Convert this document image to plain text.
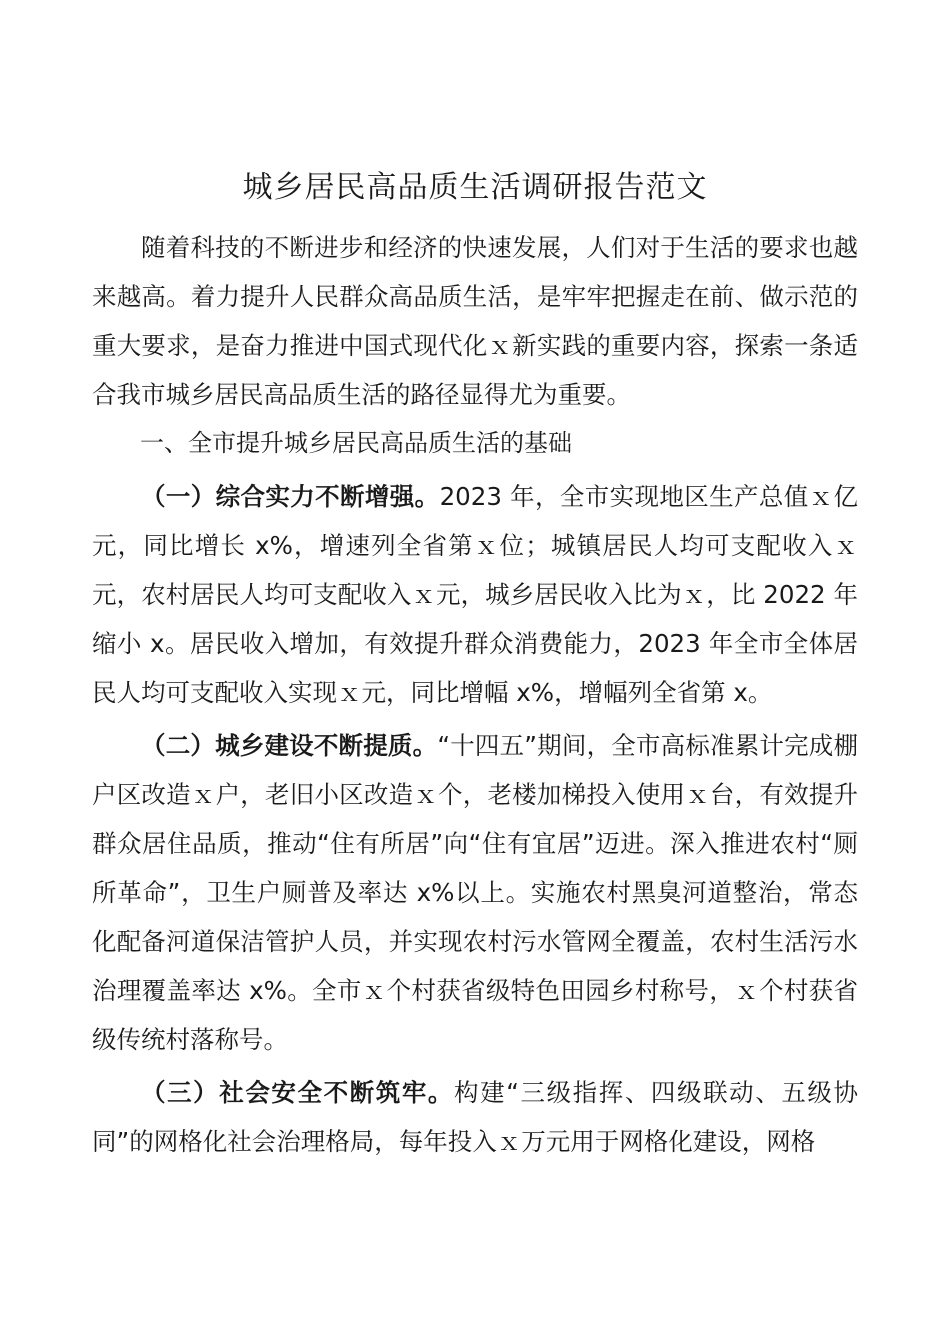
城乡居民高品质生活调研报告范文

随着科技的不断进步和经济的快速发展，人们对于生活的要求也越来越高。着力提升人民群众高品质生活，是牢牢把握走在前、做示范的重大要求，是奋力推进中国式现代化ｘ新实践的重要内容，探索一条适合我市城乡居民高品质生活的路径显得尤为重要。

一、全市提升城乡居民高品质生活的基础

（一）综合实力不断增强。2023 年，全市实现地区生产总值ｘ亿元，同比增长 x%，增速列全省第ｘ位；城镇居民人均可支配收入ｘ元，农村居民人均可支配收入ｘ元，城乡居民收入比为ｘ，比 2022 年缩小 x。居民收入增加，有效提升群众消费能力，2023 年全市全体居民人均可支配收入实现ｘ元，同比增幅 x%，增幅列全省第 x。

（二）城乡建设不断提质。“十四五”期间，全市高标准累计完成棚户区改造ｘ户，老旧小区改造ｘ个，老楼加梯投入使用ｘ台，有效提升群众居住品质，推动“住有所居”向“住有宜居”迈进。深入推进农村“厕所革命”，卫生户厕普及率达 x%以上。实施农村黑臭河道整治，常态化配备河道保洁管护人员，并实现农村污水管网全覆盖，农村生活污水治理覆盖率达 x%。全市ｘ个村获省级特色田园乡村称号，ｘ个村获省级传统村落称号。

（三）社会安全不断筑牢。构建“三级指挥、四级联动、五级协同”的网格化社会治理格局，每年投入ｘ万元用于网格化建设，网格
